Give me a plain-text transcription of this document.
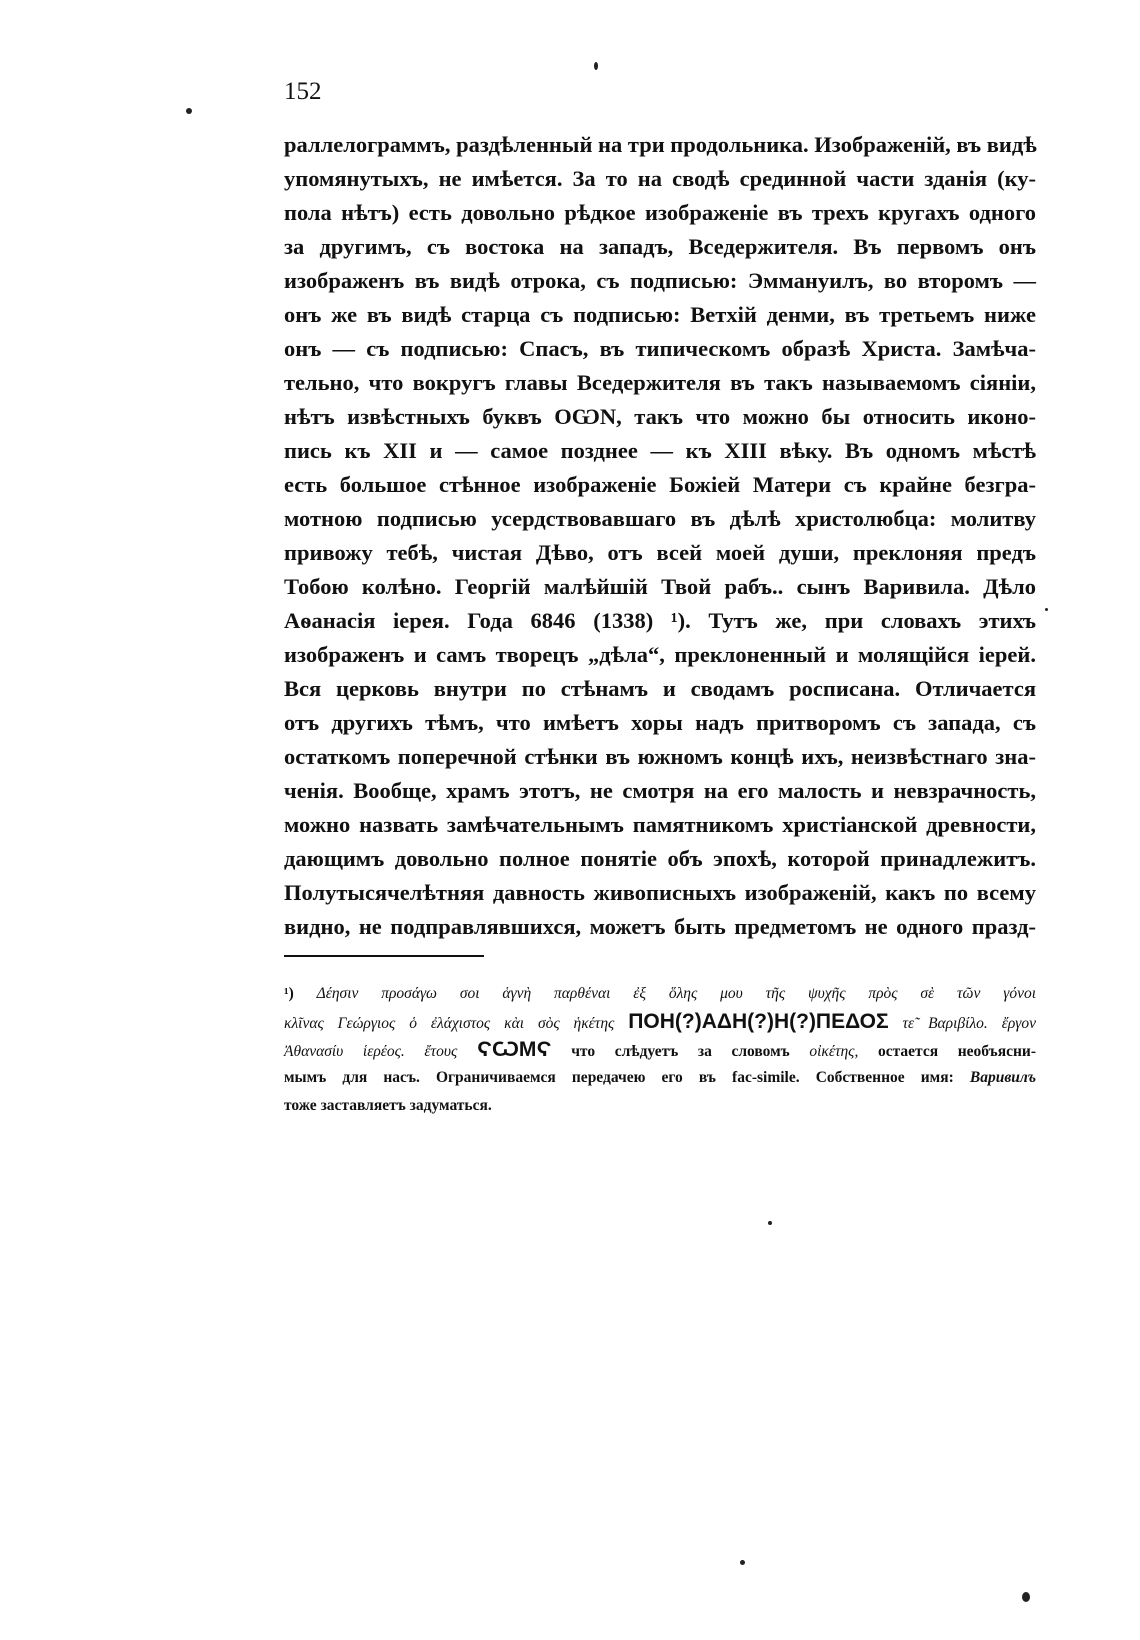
152
раллелограммъ, раздѣленный на три продольника. Изображеній, въ видѣ
упомянутыхъ, не имѣется. За то на сводѣ срединной части зданія (ку-
пола нѣтъ) есть довольно рѣдкое изображеніе въ трехъ кругахъ одного
за другимъ, съ востока на западъ, Вседержителя. Въ первомъ онъ
изображенъ въ видѣ отрока, съ подписью: Эммануилъ, во второмъ —
онъ же въ видѣ старца съ подписью: Ветхій денми, въ третьемъ ниже
онъ — съ подписью: Спасъ, въ типическомъ образѣ Христа. Замѣча-
тельно, что вокругъ главы Вседержителя въ такъ называемомъ сіяніи,
нѣтъ извѣстныхъ буквъ ΟѠΝ, такъ что можно бы относить иконо-
пись къ XII и — самое позднее — къ XIII вѣку. Въ одномъ мѣстѣ
есть большое стѣнное изображеніе Божіей Матери съ крайне безгра-
мотною подписью усердствовавшаго въ дѣлѣ христолюбца: молитву
привожу тебѣ, чистая Дѣво, отъ всей моей души, преклоняя предъ
Тобою колѣно. Георгій малѣйшій Твой рабъ.. сынъ Варивила. Дѣло
Аѳанасія іерея. Года 6846 (1338) ¹). Тутъ же, при словахъ этихъ
изображенъ и самъ творецъ „дѣла“, преклоненный и молящійся іерей.
Вся церковь внутри по стѣнамъ и сводамъ росписана. Отличается
отъ другихъ тѣмъ, что имѣетъ хоры надъ притворомъ съ запада, съ
остаткомъ поперечной стѣнки въ южномъ концѣ ихъ, неизвѣстнаго зна-
ченія. Вообще, храмъ этотъ, не смотря на его малость и невзрачность,
можно назвать замѣчательнымъ памятникомъ христіанской древности,
дающимъ довольно полное понятіе объ эпохѣ, которой принадлежитъ.
Полутысячелѣтняя давность живописныхъ изображеній, какъ по всему
видно, не подправлявшихся, можетъ быть предметомъ не одного празд-
¹) Δέησιν προσάγω σοι ἁγνὴ παρθέναι ἐξ ὅλης μου τῆς ψυχῆς πρὸς σὲ τῶν γόνοι
κλῖνας Γεώργιος ὁ ἐλάχιστος κὰι σὸς ἡκέτης ΠΟΗ(?)ΑΔΗ(?)Η(?)ΠΕΔΟΣ τε̃ Βαριβίλο. ἔργον
Ἀθανασίυ ἱερέος. ἔτους ϚѠΜϚ что слѣдуетъ за словомъ οἰκέτης, остается необъясни-
мымъ для насъ. Ограничиваемся передачею его въ fac-simile. Собственное имя: Варивилъ
тоже заставляетъ задуматься.
